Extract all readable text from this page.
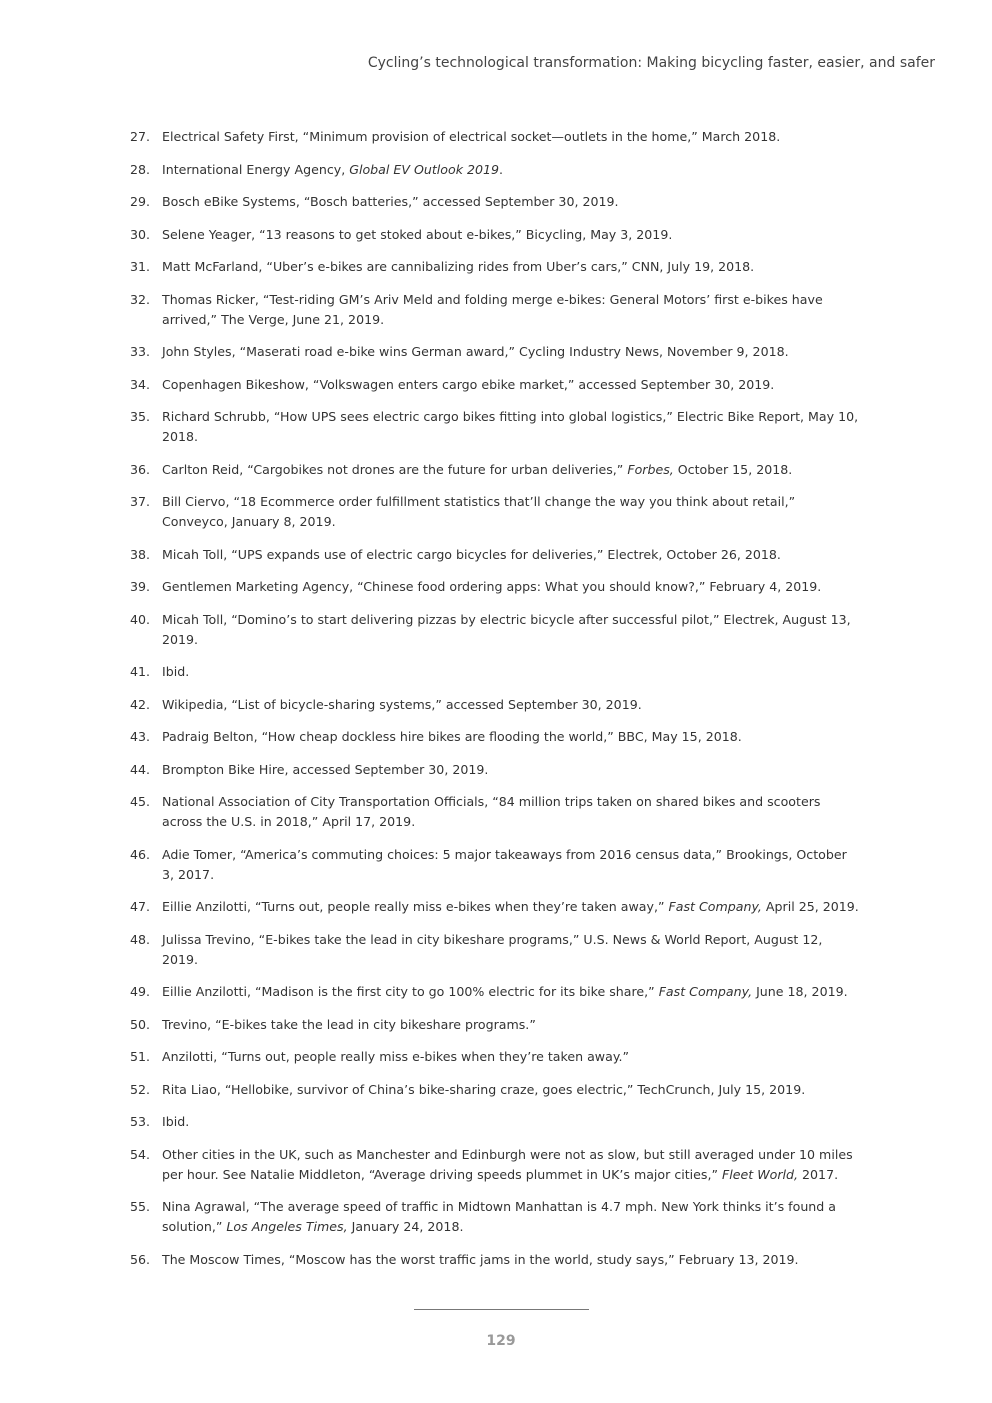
Cycling’s technological transformation: Making bicycling faster, easier, and safer
27. Electrical Safety First, “Minimum provision of electrical socket—outlets in the home,” March 2018.
28. International Energy Agency, Global EV Outlook 2019.
29. Bosch eBike Systems, “Bosch batteries,” accessed September 30, 2019.
30. Selene Yeager, “13 reasons to get stoked about e-bikes,” Bicycling, May 3, 2019.
31. Matt McFarland, “Uber’s e-bikes are cannibalizing rides from Uber’s cars,” CNN, July 19, 2018.
32. Thomas Ricker, “Test-riding GM’s Ariv Meld and folding merge e-bikes: General Motors’ first e-bikes have arrived,” The Verge, June 21, 2019.
33. John Styles, “Maserati road e-bike wins German award,” Cycling Industry News, November 9, 2018.
34. Copenhagen Bikeshow, “Volkswagen enters cargo ebike market,” accessed September 30, 2019.
35. Richard Schrubb, “How UPS sees electric cargo bikes fitting into global logistics,” Electric Bike Report, May 10, 2018.
36. Carlton Reid, “Cargobikes not drones are the future for urban deliveries,” Forbes, October 15, 2018.
37. Bill Ciervo, “18 Ecommerce order fulfillment statistics that’ll change the way you think about retail,” Conveyco, January 8, 2019.
38. Micah Toll, “UPS expands use of electric cargo bicycles for deliveries,” Electrek, October 26, 2018.
39. Gentlemen Marketing Agency, “Chinese food ordering apps: What you should know?,” February 4, 2019.
40. Micah Toll, “Domino’s to start delivering pizzas by electric bicycle after successful pilot,” Electrek, August 13, 2019.
41. Ibid.
42. Wikipedia, “List of bicycle-sharing systems,” accessed September 30, 2019.
43. Padraig Belton, “How cheap dockless hire bikes are flooding the world,” BBC, May 15, 2018.
44. Brompton Bike Hire, accessed September 30, 2019.
45. National Association of City Transportation Officials, “84 million trips taken on shared bikes and scooters across the U.S. in 2018,” April 17, 2019.
46. Adie Tomer, “America’s commuting choices: 5 major takeaways from 2016 census data,” Brookings, October 3, 2017.
47. Eillie Anzilotti, “Turns out, people really miss e-bikes when they’re taken away,” Fast Company, April 25, 2019.
48. Julissa Trevino, “E-bikes take the lead in city bikeshare programs,” U.S. News & World Report, August 12, 2019.
49. Eillie Anzilotti, “Madison is the first city to go 100% electric for its bike share,” Fast Company, June 18, 2019.
50. Trevino, “E-bikes take the lead in city bikeshare programs.”
51. Anzilotti, “Turns out, people really miss e-bikes when they’re taken away.”
52. Rita Liao, “Hellobike, survivor of China’s bike-sharing craze, goes electric,” TechCrunch, July 15, 2019.
53. Ibid.
54. Other cities in the UK, such as Manchester and Edinburgh were not as slow, but still averaged under 10 miles per hour. See Natalie Middleton, “Average driving speeds plummet in UK’s major cities,” Fleet World, 2017.
55. Nina Agrawal, “The average speed of traffic in Midtown Manhattan is 4.7 mph. New York thinks it’s found a solution,” Los Angeles Times, January 24, 2018.
56. The Moscow Times, “Moscow has the worst traffic jams in the world, study says,” February 13, 2019.
129
